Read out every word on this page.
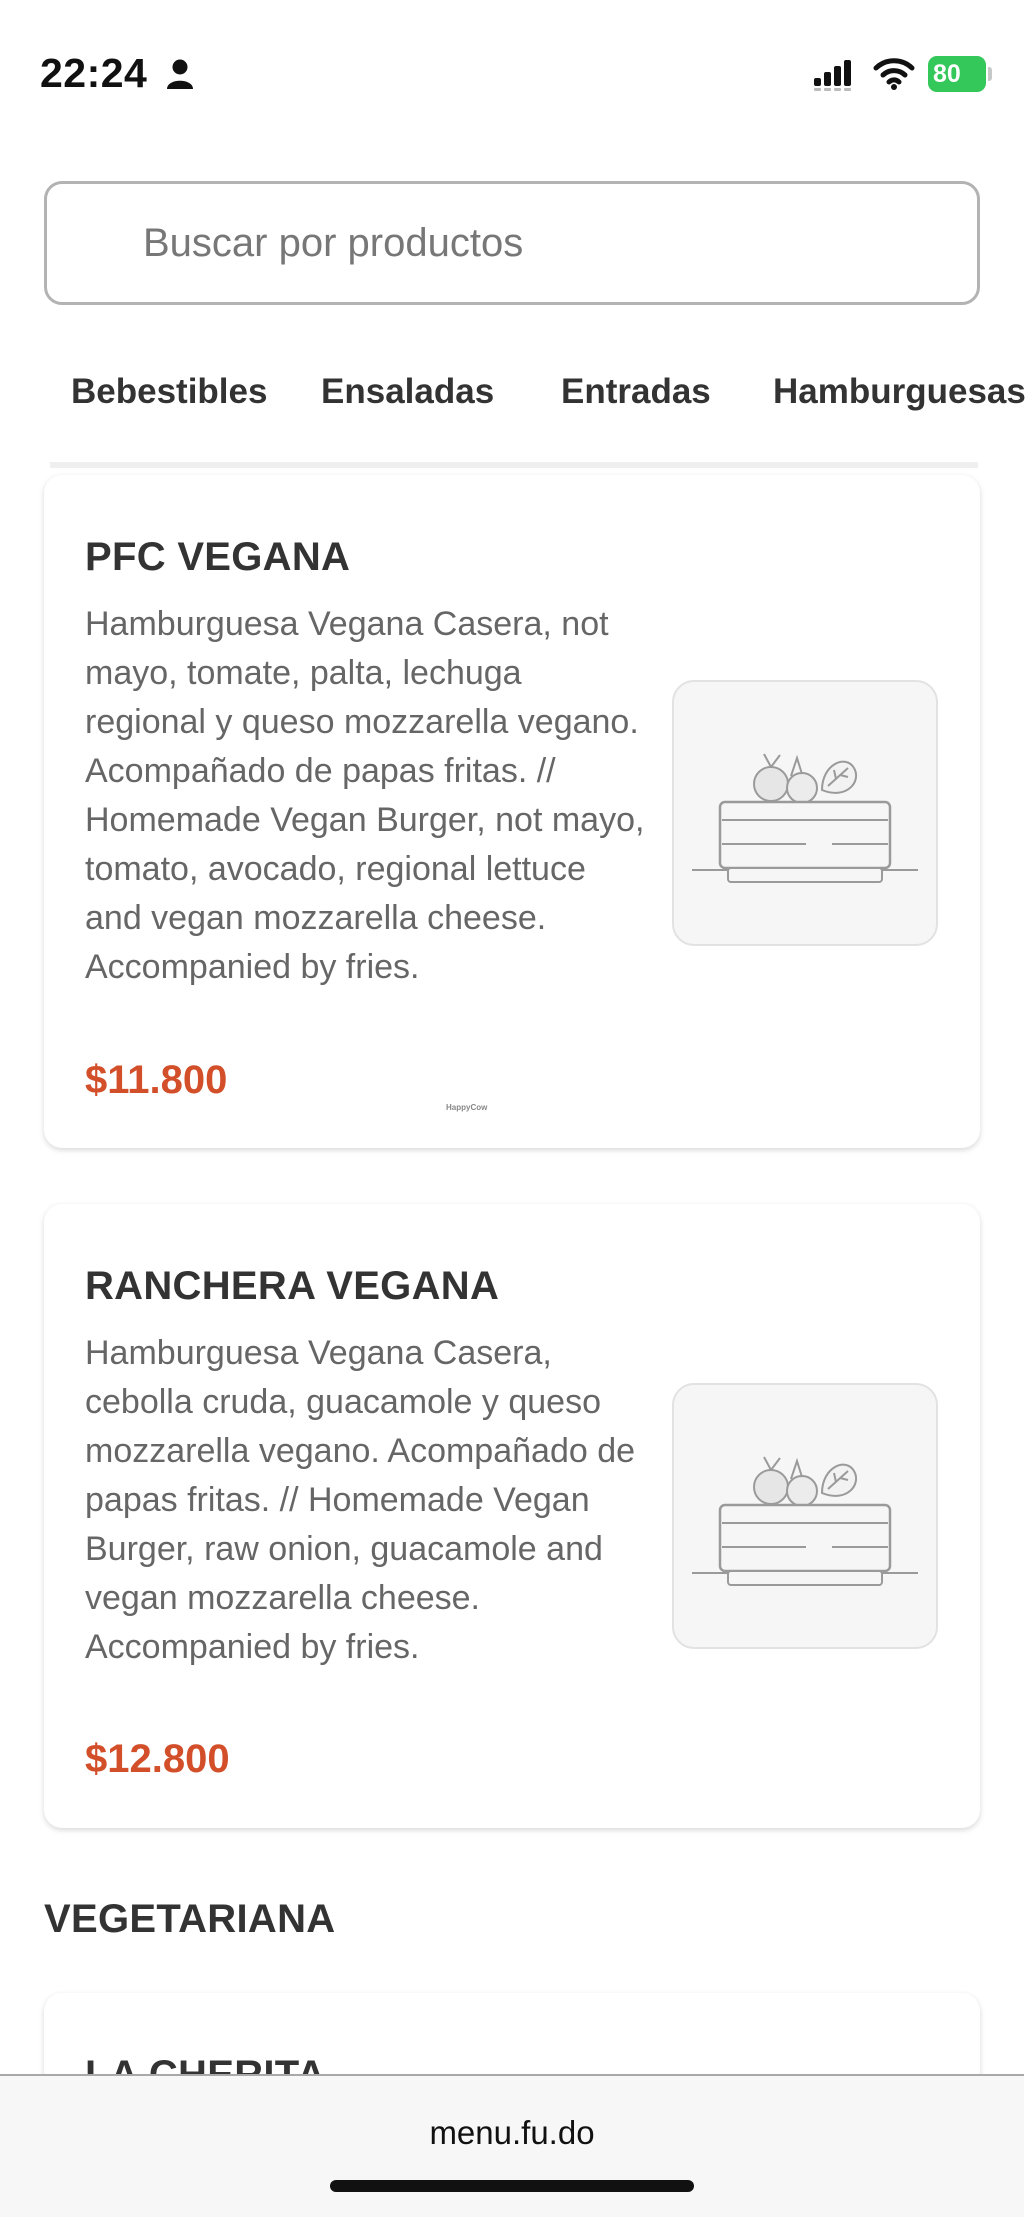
22:24	80
Buscar por productos
Bebestibles Ensaladas Entradas Hamburguesas
PFC VEGANA
Hamburguesa Vegana Casera, not mayo, tomate, palta, lechuga regional y queso mozzarella vegano. Acompañado de papas fritas. // Homemade Vegan Burger, not mayo, tomato, avocado, regional lettuce and vegan mozzarella cheese. Accompanied by fries.
$11.800
HappyCow
RANCHERA VEGANA
Hamburguesa Vegana Casera, cebolla cruda, guacamole y queso mozzarella vegano. Acompañado de papas fritas. // Homemade Vegan Burger, raw onion, guacamole and vegan mozzarella cheese. Accompanied by fries.
$12.800
VEGETARIANA
menu.fu.do
